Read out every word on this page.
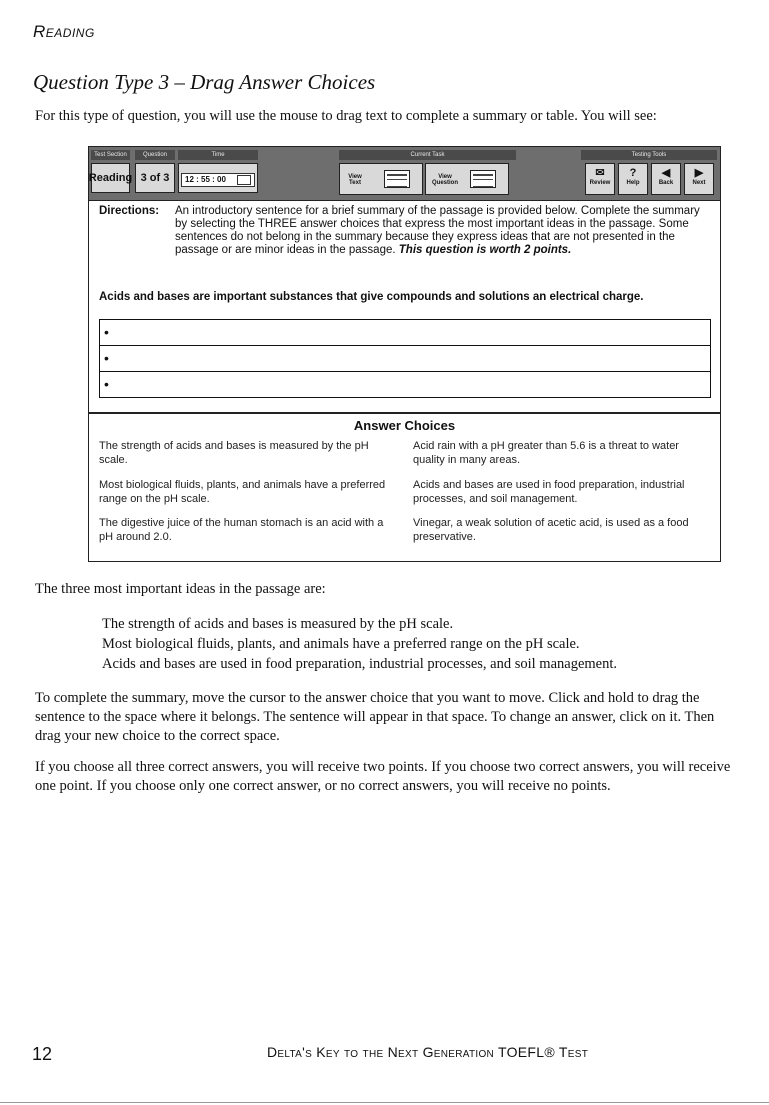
Reading
Question Type 3 – Drag Answer Choices
For this type of question, you will use the mouse to drag text to complete a summary or table. You will see:
Test Section
Reading
Question
3 of 3
Time
12 : 55 : 00
Current Task
View Text
View Question
Testing Tools
✉
Review
?
Help
◀
Back
▶
Next
Directions: An introductory sentence for a brief summary of the passage is provided below. Complete the summary by selecting the THREE answer choices that express the most important ideas in the passage. Some sentences do not belong in the summary because they express ideas that are not presented in the passage or are minor ideas in the passage. This question is worth 2 points.
Acids and bases are important substances that give compounds and solutions an electrical charge.
•
•
•
Answer Choices
The strength of acids and bases is measured by the pH scale.
Acid rain with a pH greater than 5.6 is a threat to water quality in many areas.
Most biological fluids, plants, and animals have a preferred range on the pH scale.
Acids and bases are used in food preparation, industrial processes, and soil management.
The digestive juice of the human stomach is an acid with a pH around 2.0.
Vinegar, a weak solution of acetic acid, is used as a food preservative.
The three most important ideas in the passage are:
The strength of acids and bases is measured by the pH scale.
Most biological fluids, plants, and animals have a preferred range on the pH scale.
Acids and bases are used in food preparation, industrial processes, and soil management.
To complete the summary, move the cursor to the answer choice that you want to move. Click and hold to drag the sentence to the space where it belongs. The sentence will appear in that space. To change an answer, click on it. Then drag your new choice to the correct space.
If you choose all three correct answers, you will receive two points. If you choose two correct answers, you will receive one point. If you choose only one correct answer, or no correct answers, you will receive no points.
12	Delta's Key to the Next Generation TOEFL® Test
